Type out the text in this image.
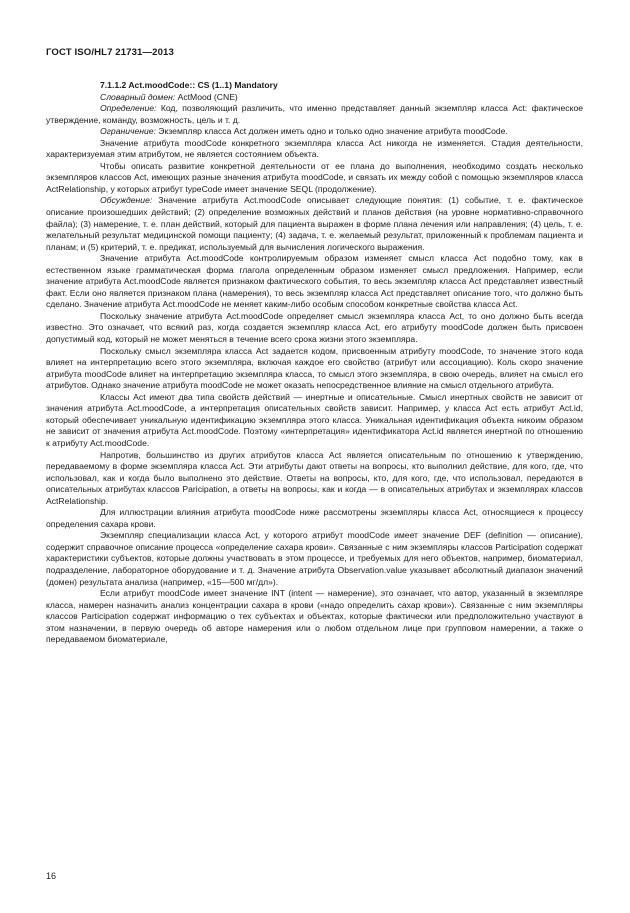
ГОСТ ISO/HL7 21731—2013

7.1.1.2 Act.moodCode:: CS (1..1) Mandatory

Словарный домен: ActMood (CNE)

Определение: Код, позволяющий различить, что именно представляет данный экземпляр класса Act: фактическое утверждение, команду, возможность, цель и т. д.

Ограничение: Экземпляр класса Act должен иметь одно и только одно значение атрибута moodCode.

Значение атрибута moodCode конкретного экземпляра класса Act никогда не изменяется. Стадия деятельности, характеризуемая этим атрибутом, не является состоянием объекта.

Чтобы описать развитие конкретной деятельности от ее плана до выполнения, необходимо создать несколько экземпляров классов Act, имеющих разные значения атрибута moodCode, и связать их между собой с помощью экземпляров класса ActRelationship, у которых атрибут typeCode имеет значение SEQL (продолжение).

Обсуждение: Значение атрибута Act.moodCode описывает следующие понятия: (1) событие, т. е. фактическое описание произошедших действий; (2) определение возможных действий и планов действия (на уровне нормативно-справочного файла); (3) намерение, т. е. план действий, который для пациента выражен в форме плана лечения или направления; (4) цель, т. е. желательный результат медицинской помощи пациенту; (4) задача, т. е. желаемый результат, приложенный к проблемам пациента и планам; и (5) критерий, т. е. предикат, используемый для вычисления логического выражения.

Значение атрибута Act.moodCode контролируемым образом изменяет смысл класса Act подобно тому, как в естественном языке грамматическая форма глагола определенным образом изменяет смысл предложения. Например, если значение атрибута Act.moodCode является признаком фактического события, то весь экземпляр класса Act представляет известный факт. Если оно является признаком плана (намерения), то весь экземпляр класса Act представляет описание того, что должно быть сделано. Значение атрибута Act.moodCode не меняет каким-либо особым способом конкретные свойства класса Act.

Поскольку значение атрибута Act.moodCode определяет смысл экземпляра класса Act, то оно должно быть всегда известно. Это означает, что всякий раз, когда создается экземпляр класса Act, его атрибуту moodCode должен быть присвоен допустимый код, который не может меняться в течение всего срока жизни этого экземпляра.

Поскольку смысл экземпляра класса Act задается кодом, присвоенным атрибуту moodCode, то значение этого кода влияет на интерпретацию всего этого экземпляра, включая каждое его свойство (атрибут или ассоциацию). Коль скоро значение атрибута moodCode влияет на интерпретацию экземпляра класса, то смысл этого экземпляра, в свою очередь, влияет на смысл его атрибутов. Однако значение атрибута moodCode не может оказать непосредственное влияние на смысл отдельного атрибута.

Классы Act имеют два типа свойств действий — инертные и описательные. Смысл инертных свойств не зависит от значения атрибута Act.moodCode, а интерпретация описательных свойств зависит. Например, у класса Act есть атрибут Act.id, который обеспечивает уникальную идентификацию экземпляра этого класса. Уникальная идентификация объекта никоим образом не зависит от значения атрибута Act.moodCode. Поэтому «интерпретация» идентификатора Act.id является инертной по отношению к атрибуту Act.moodCode.

Напротив, большинство из других атрибутов класса Act является описательным по отношению к утверждению, передаваемому в форме экземпляра класса Act. Эти атрибуты дают ответы на вопросы, кто выполнил действие, для кого, где, что использовал, как и когда было выполнено это действие. Ответы на вопросы, кто, для кого, где, что использовал, передаются в описательных атрибутах классов Paricipation, а ответы на вопросы, как и когда — в описательных атрибутах и экземплярах классов ActRelationship.

Для иллюстрации влияния атрибута moodCode ниже рассмотрены экземпляры класса Act, относящиеся к процессу определения сахара крови.

Экземпляр специализации класса Act, у которого атрибут moodCode имеет значение DEF (definition — описание), содержит справочное описание процесса «определение сахара крови». Связанные с ним экземпляры классов Participation содержат характеристики субъектов, которые должны участвовать в этом процессе, и требуемых для него объектов, например, биоматериал, подразделение, лабораторное оборудование и т. д. Значение атрибута Observation.value указывает абсолютный диапазон значений (домен) результата анализа (например, «15—500 мг/дл»).

Если атрибут moodCode имеет значение INT (intent — намерение), это означает, что автор, указанный в экземпляре класса, намерен назначить анализ концентрации сахара в крови («надо определить сахар крови»). Связанные с ним экземпляры классов Participation содержат информацию о тех субъектах и объектах, которые фактически или предположительно участвуют в этом назначении, в первую очередь об авторе намерения или о любом отдельном лице при групповом намерении, а также о передаваемом биоматериале,

16
